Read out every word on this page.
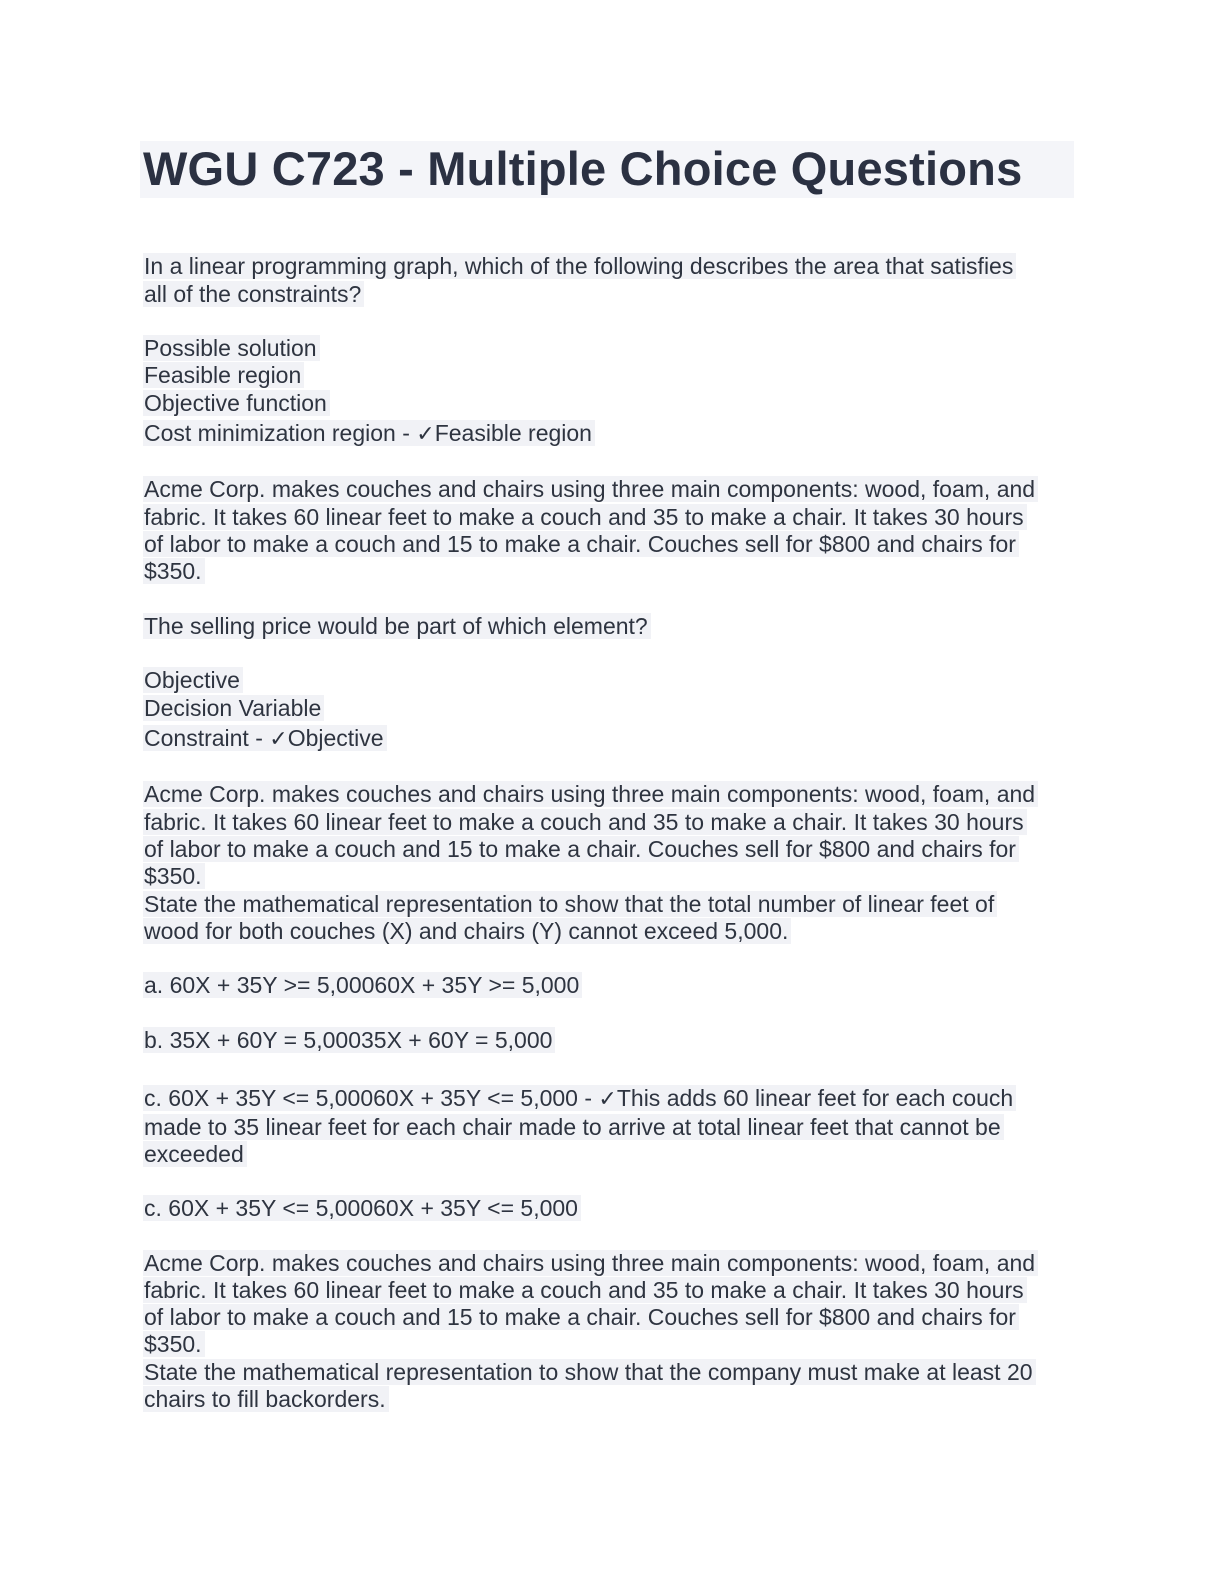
WGU C723 - Multiple Choice Questions
In a linear programming graph, which of the following describes the area that satisfies
all of the constraints?
Possible solution
Feasible region
Objective function
Cost minimization region - ✓Feasible region
Acme Corp. makes couches and chairs using three main components: wood, foam, and
fabric. It takes 60 linear feet to make a couch and 35 to make a chair. It takes 30 hours
of labor to make a couch and 15 to make a chair. Couches sell for $800 and chairs for
$350.
The selling price would be part of which element?
Objective
Decision Variable
Constraint - ✓Objective
Acme Corp. makes couches and chairs using three main components: wood, foam, and
fabric. It takes 60 linear feet to make a couch and 35 to make a chair. It takes 30 hours
of labor to make a couch and 15 to make a chair. Couches sell for $800 and chairs for
$350.
State the mathematical representation to show that the total number of linear feet of
wood for both couches (X) and chairs (Y) cannot exceed 5,000.
a. 60X + 35Y >= 5,00060X + 35Y >= 5,000
b. 35X + 60Y = 5,00035X + 60Y = 5,000
c. 60X + 35Y <= 5,00060X + 35Y <= 5,000 - ✓This adds 60 linear feet for each couch
made to 35 linear feet for each chair made to arrive at total linear feet that cannot be
exceeded
c. 60X + 35Y <= 5,00060X + 35Y <= 5,000
Acme Corp. makes couches and chairs using three main components: wood, foam, and
fabric. It takes 60 linear feet to make a couch and 35 to make a chair. It takes 30 hours
of labor to make a couch and 15 to make a chair. Couches sell for $800 and chairs for
$350.
State the mathematical representation to show that the company must make at least 20
chairs to fill backorders.
